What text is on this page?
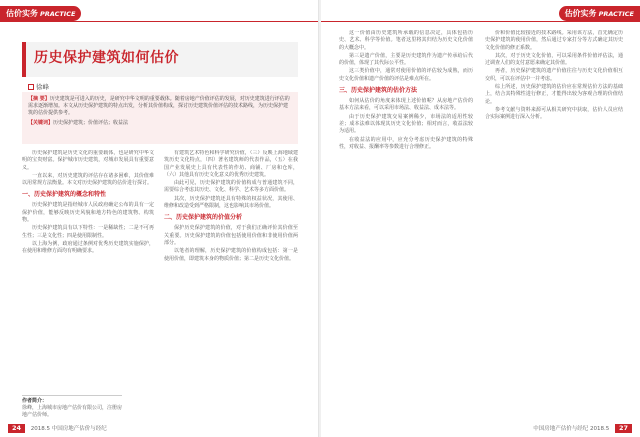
估价实务 PRACTICE
历史保护建筑如何估价
徐峰

【摘 要】历史建筑是可进入的历史，是研究中华文明的重要载体。随着房地产价值评估的发展，对历史建筑进行评估的需求逐渐增加。本文从历史保护建筑的特点出发，分析其价值构成，探讨历史建筑价值评估的技术路线，为历史保护建筑的估价提供参考。

【关键词】历史保护建筑；价值评估；收益法

历史保护建筑是历史文化的重要载体，也是研究中华文明的宝贵财富。保护城市历史建筑，对城市发展具有重要意义。

一直以来，对历史建筑的评估存在诸多困难，其价值难以用常规方法衡量。本文对历史保护建筑的估价进行探讨。

一、历史保护建筑的概念和特性

历史保护建筑是指经城市人民政府确定公布的具有一定保护价值，能够反映历史风貌和地方特色的建筑物、构筑物。

历史保护建筑具有以下特性：一是稀缺性；二是不可再生性；三是文化性；四是使用限制性。

以上海为例，政府通过条例对优秀历史建筑实施保护，在使用和维修方面均有明确要求。

有建筑艺术特色和科学研究价值，（三）反映上海地域建筑历史文化特点，（四）著名建筑师的代表作品，（五）在我国产业发展史上具有代表性的作坊、商铺、厂房和仓库，（六）其他具有历史文化意义的优秀历史建筑。

由此可见，历史保护建筑的价值构成与普通建筑不同，需要综合考虑其历史、文化、科学、艺术等多方面价值。

其次，历史保护建筑还具有特殊的权益状况，其使用、维修和改造受到严格限制，这也影响其市场价值。

二、历史保护建筑的价值分析

保护历史保护建筑的价值，对于我们正确评价其价值至关重要。历史保护建筑的价值包括使用价值和非使用价值两部分。

以笔者的理解，历史保护建筑的价值构成包括：第一是使用价值，即建筑本身的物质价值；第二是历史文化价值。

作者简介：
徐峰，上海城市房地产估价有限公司，注册房地产估价师。
24 2018.5 中国房地产估价与经纪
估价实务 PRACTICE

这一价值由历史建筑所承载的信息决定，具体包括历史、艺术、科学等价值。笔者这里将其归结为历史文化价值的大概念中。

第三是遗产价值，主要是历史建筑作为遗产传承给后代的价值，体现了其代际公平性。

这三类价值中，通常对使用价值的评估较为成熟，而历史文化价值和遗产价值的评估是难点所在。

三、历史保护建筑的估价方法

如何从估价的角度来体现上述价值呢？从房地产估价的基本方法来看，可以采用市场法、收益法、成本法等。

由于历史保护建筑交易案例稀少，市场法的适用性较差；成本法难以体现其历史文化价值；相对而言，收益法较为适用。

在收益法的应用中，应充分考虑历史保护建筑的特殊性，对收益、报酬率等参数进行合理修正。

价和价值比较接近的技术路线。采用该方法，首先确定历史保护建筑的使用价值，然后通过专家打分等方式确定其历史文化价值的修正系数。

其次，对于历史文化价值，可以采用条件价值评估法，通过调查人们的支付意愿来确定其价值。

再者，历史保护建筑的遗产价值往往与历史文化价值相互交织，可以在评估中一并考虑。

综上所述，历史保护建筑的估价应在常规估价方法的基础上，结合其特殊性进行修正，才能得出较为客观合理的价值结论。

参考文献与资料来源可从相关研究中获取，估价人员应结合实际案例进行深入分析。

中国房地产估价与经纪 2018.5 27
